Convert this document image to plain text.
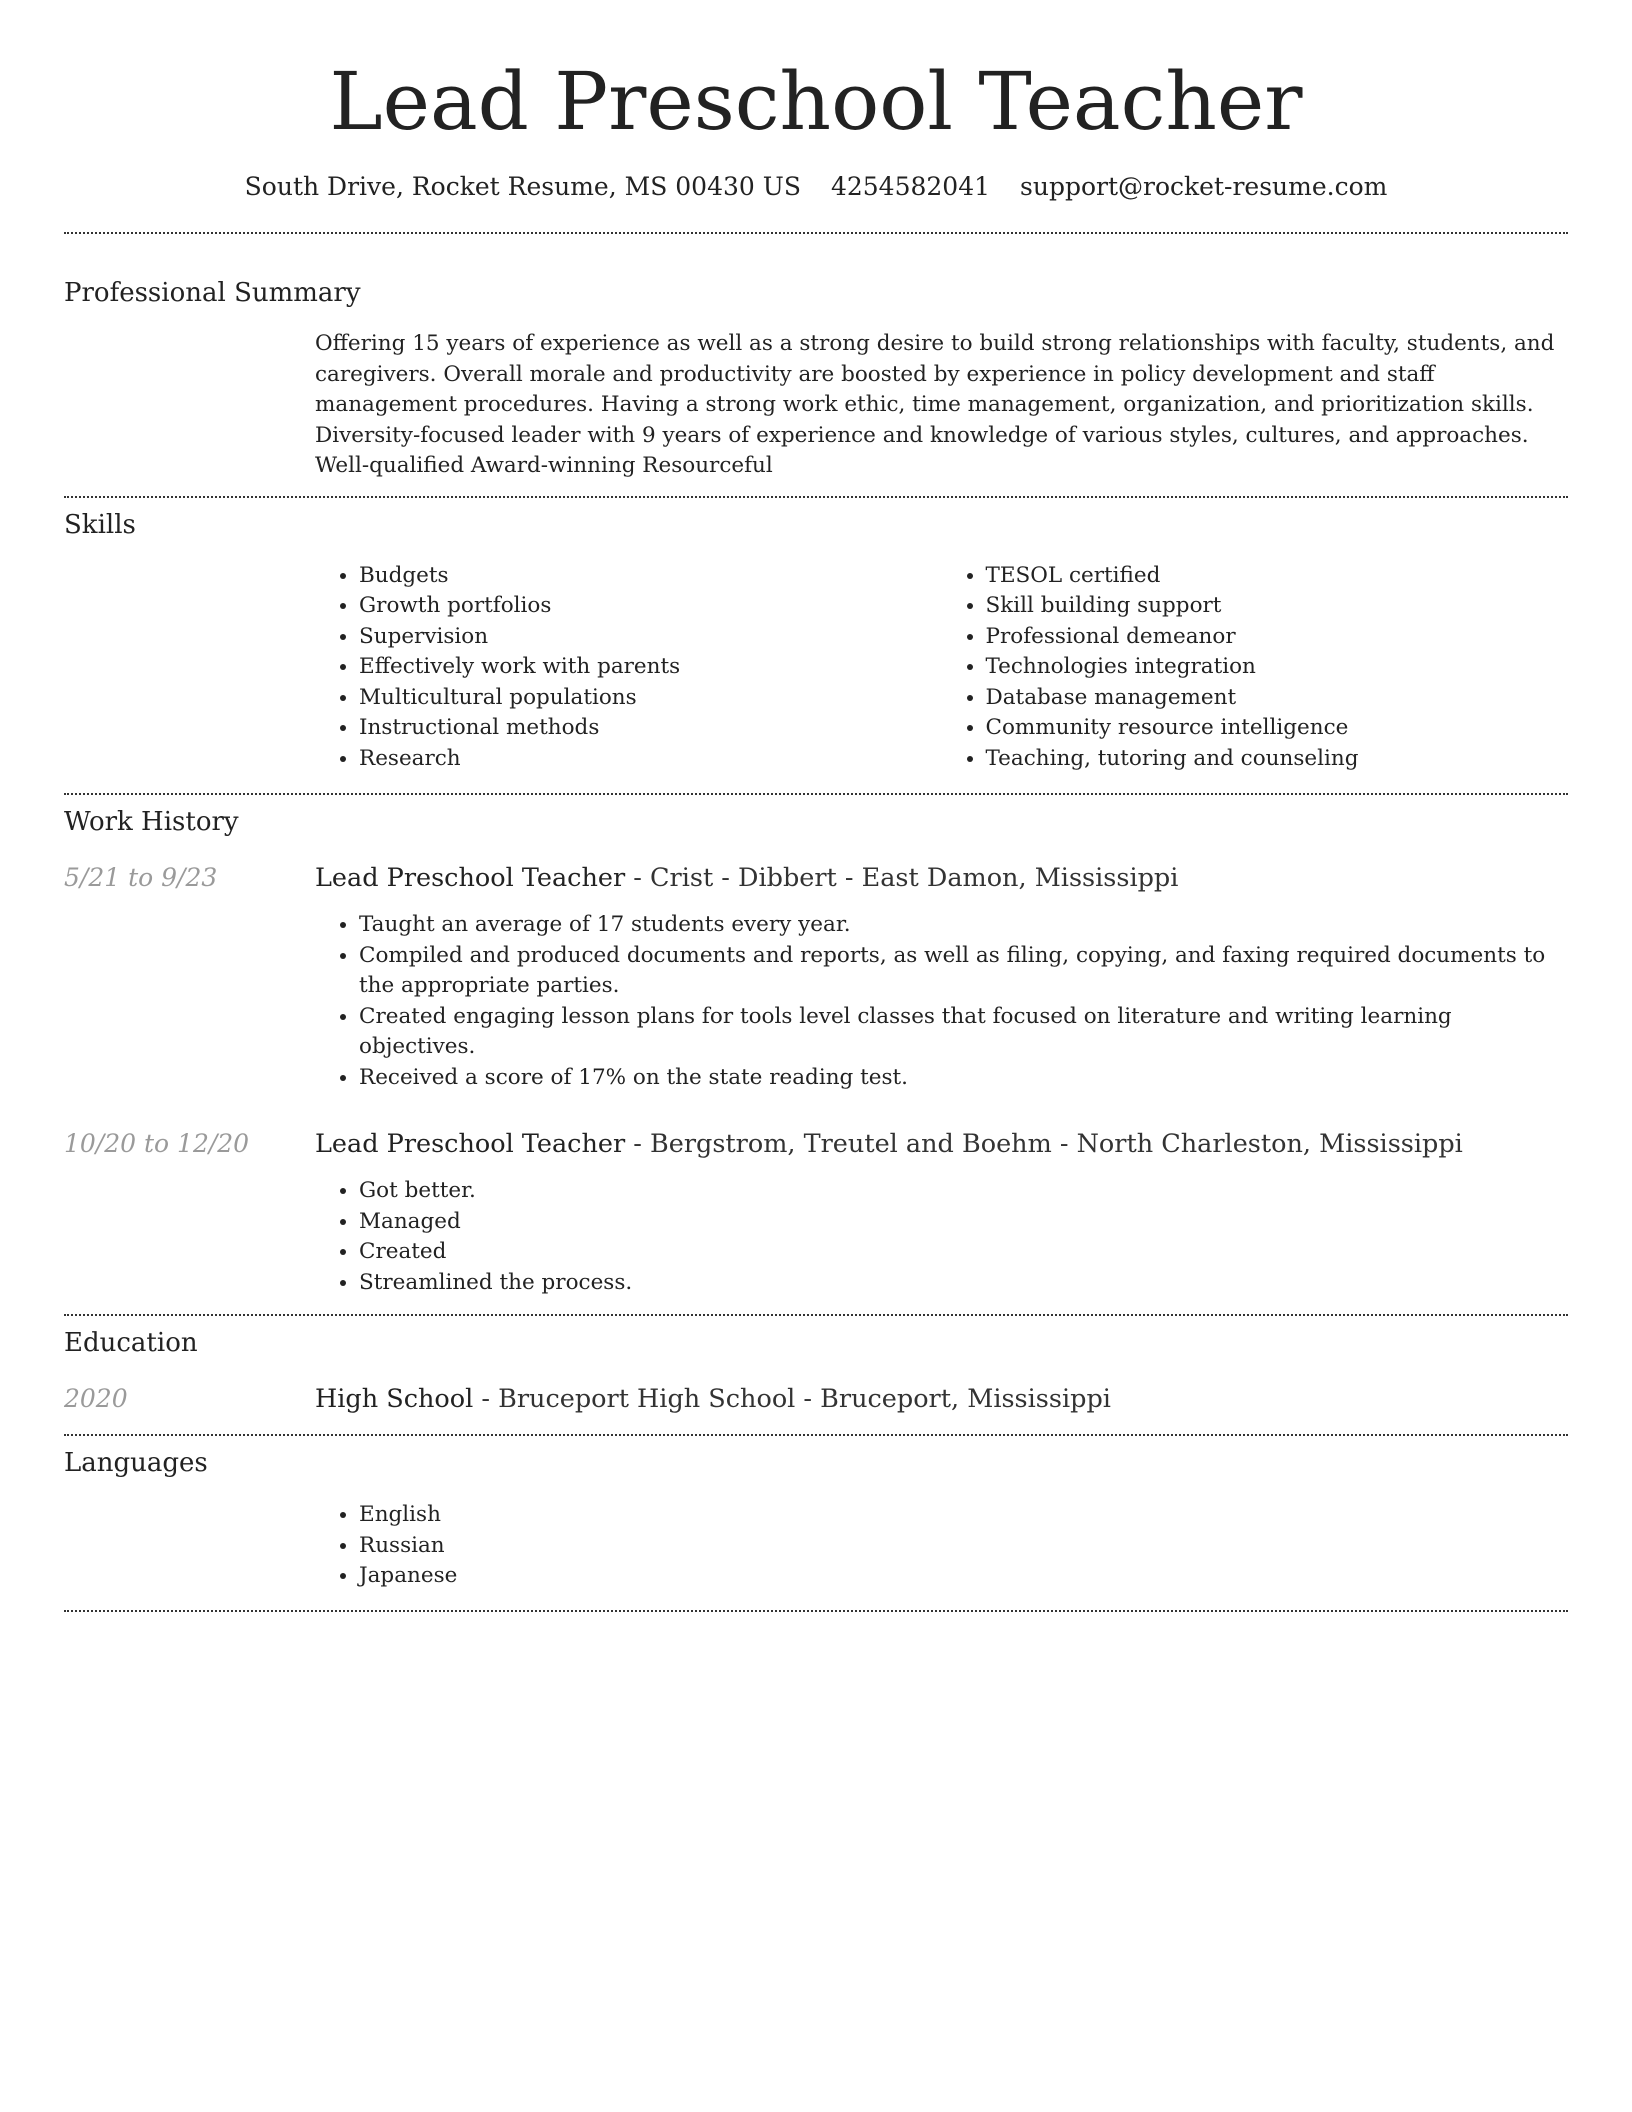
Lead Preschool Teacher
South Drive, Rocket Resume, MS 00430 US 4254582041 support@rocket-resume.com
Professional Summary

Offering 15 years of experience as well as a strong desire to build strong relationships with faculty, students, and caregivers. Overall morale and productivity are boosted by experience in policy development and staff management procedures. Having a strong work ethic, time management, organization, and prioritization skills. Diversity-focused leader with 9 years of experience and knowledge of various styles, cultures, and approaches. Well-qualified Award-winning Resourceful

Skills
• Budgets
• Growth portfolios
• Supervision
• Effectively work with parents
• Multicultural populations
• Instructional methods
• Research
• TESOL certified
• Skill building support
• Professional demeanor
• Technologies integration
• Database management
• Community resource intelligence
• Teaching, tutoring and counseling
Work History
5/21 to 9/23	Lead Preschool Teacher - Crist - Dibbert - East Damon, Mississippi

• Taught an average of 17 students every year.
• Compiled and produced documents and reports, as well as filing, copying, and faxing required documents to the appropriate parties.
• Created engaging lesson plans for tools level classes that focused on literature and writing learning objectives.
• Received a score of 17% on the state reading test.
10/20 to 12/20	Lead Preschool Teacher - Bergstrom, Treutel and Boehm - North Charleston, Mississippi

• Got better.
• Managed
• Created
• Streamlined the process.
Education
2020	High School - Bruceport High School - Bruceport, Mississippi

Languages
• English
• Russian
• Japanese
